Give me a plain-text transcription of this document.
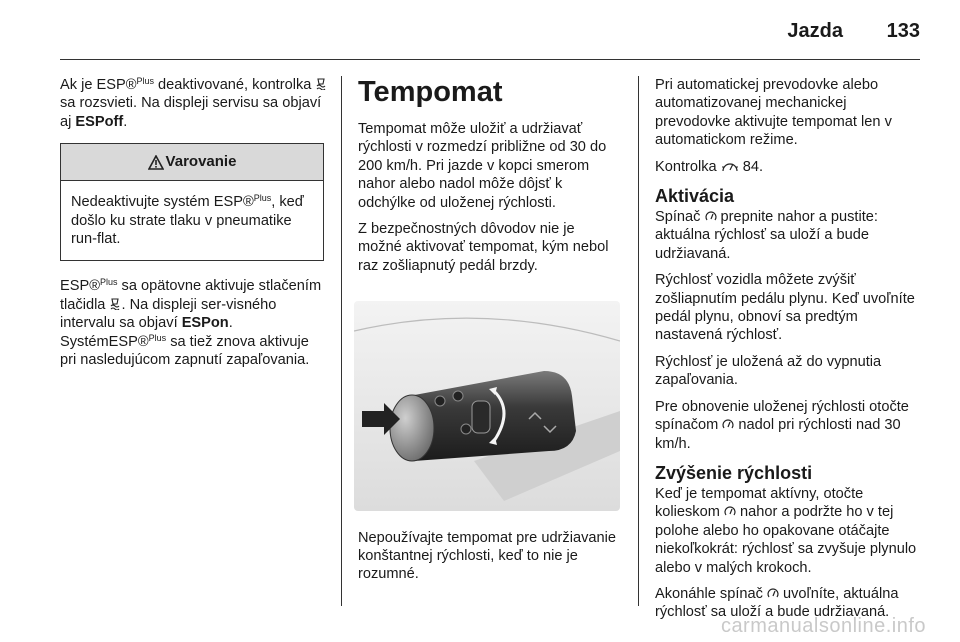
Jazda 133

Ak je ESP®$^{Plus}$ deaktivované, kontrolka  sa rozsvieti. Na displeji servisu sa objaví aj ESPoff.

Varovanie
Nedeaktivujte systém ESP®$^{Plus}$, keď došlo ku strate tlaku v pneumatike run-flat.

ESP®$^{Plus}$ sa opätovne aktivuje stlačením tlačidla . Na displeji ser-visného intervalu sa objaví ESPon.
SystémESP®$^{Plus}$ sa tiež znova aktivuje pri nasledujúcom zapnutí zapaľovania.

Tempomat

Tempomat môže uložiť a udržiavať rýchlosti v rozmedzí približne od 30 do 200 km/h. Pri jazde v kopci smerom nahor alebo nadol môže dôjsť k odchýlke od uloženej rýchlosti.

Z bezpečnostných dôvodov nie je možné aktivovať tempomat, kým nebol raz zošliapnutý pedál brzdy.

Nepoužívajte tempomat pre udržiavanie konštantnej rýchlosti, keď to nie je rozumné.

Pri automatickej prevodovke alebo automatizovanej mechanickej prevodovke aktivujte tempomat len v automatickom režime.

Kontrolka  84.

Aktivácia

Spínač  prepnite nahor a pustite: aktuálna rýchlosť sa uloží a bude udržiavaná.

Rýchlosť vozidla môžete zvýšiť zošliapnutím pedálu plynu. Keď uvoľníte pedál plynu, obnoví sa predtým nastavená rýchlosť.

Rýchlosť je uložená až do vypnutia zapaľovania.

Pre obnovenie uloženej rýchlosti otočte spínačom  nadol pri rýchlosti nad 30 km/h.

Zvýšenie rýchlosti

Keď je tempomat aktívny, otočte kolieskom  nahor a podržte ho v tej polohe alebo ho opakovane otáčajte niekoľkokrát: rýchlosť sa zvyšuje plynulo alebo v malých krokoch.

Akonáhle spínač  uvoľníte, aktuálna rýchlosť sa uloží a bude udržiavaná.

carmanualsonline.info
